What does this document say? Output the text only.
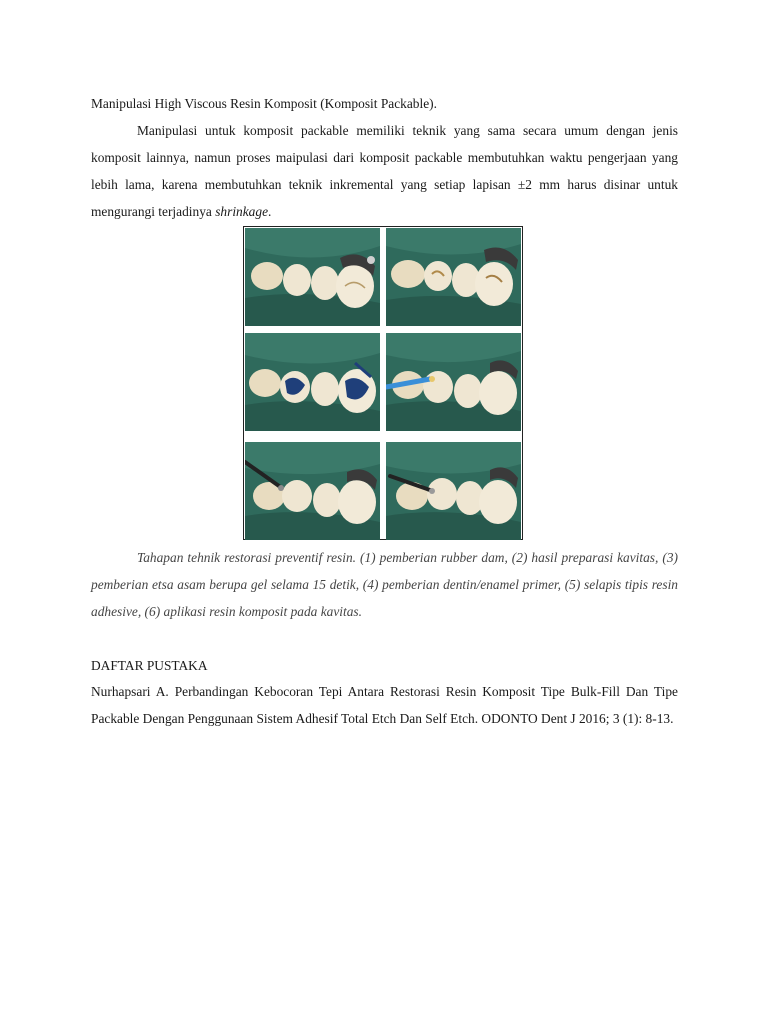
Manipulasi High Viscous Resin Komposit (Komposit Packable).
Manipulasi untuk komposit packable memiliki teknik yang sama secara umum dengan jenis komposit lainnya, namun proses maipulasi dari komposit packable membutuhkan waktu pengerjaan yang lebih lama, karena membutuhkan teknik inkremental yang setiap lapisan ±2 mm harus disinar untuk mengurangi terjadinya shrinkage.
Tahapan tehnik restorasi preventif resin. (1) pemberian rubber dam, (2) hasil preparasi kavitas, (3) pemberian etsa asam berupa gel selama 15 detik, (4) pemberian dentin/enamel primer, (5) selapis tipis resin adhesive, (6) aplikasi resin komposit pada kavitas.
DAFTAR PUSTAKA
Nurhapsari A. Perbandingan Kebocoran Tepi Antara Restorasi Resin Komposit Tipe Bulk-Fill Dan Tipe Packable Dengan Penggunaan Sistem Adhesif Total Etch Dan Self Etch. ODONTO Dent J 2016; 3 (1): 8-13.
